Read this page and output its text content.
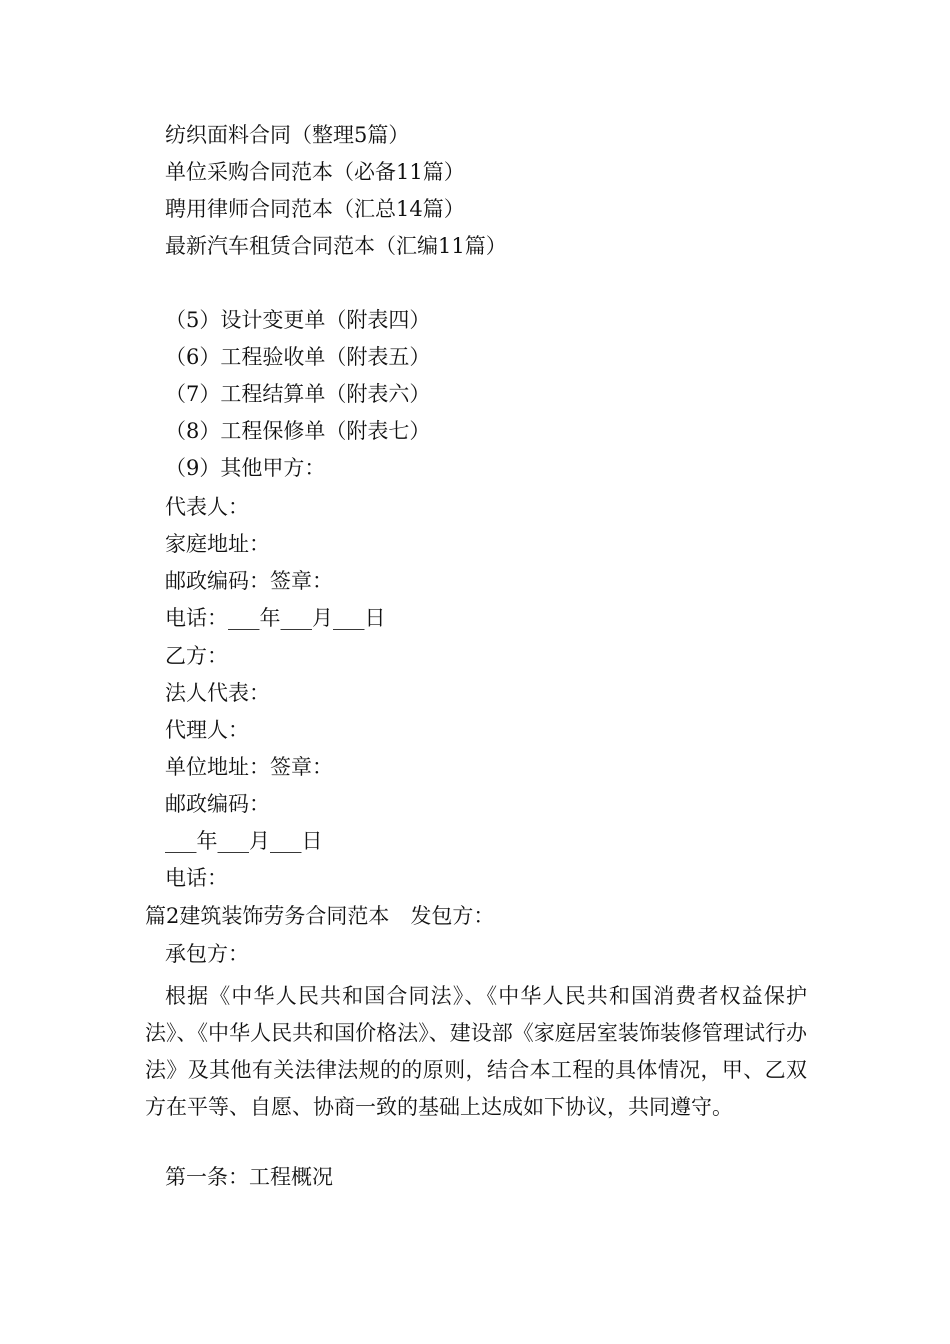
纺织面料合同（整理5篇）
单位采购合同范本（必备11篇）
聘用律师合同范本（汇总14篇）
最新汽车租赁合同范本（汇编11篇）
（5）设计变更单（附表四）
（6）工程验收单（附表五）
（7）工程结算单（附表六）
（8）工程保修单（附表七）
（9）其他甲方：
代表人：
家庭地址：
邮政编码：签章：
电话：___年___月___日
乙方：
法人代表：
代理人：
单位地址：签章：
邮政编码：
___年___月___日
电话：
篇2建筑装饰劳务合同范本　发包方：
承包方：
根据《中华人民共和国合同法》、《中华人民共和国消费者权益保护法》、《中华人民共和国价格法》、建设部《家庭居室装饰装修管理试行办法》及其他有关法律法规的的原则，结合本工程的具体情况，甲、乙双方在平等、自愿、协商一致的基础上达成如下协议，共同遵守。
第一条：工程概况
